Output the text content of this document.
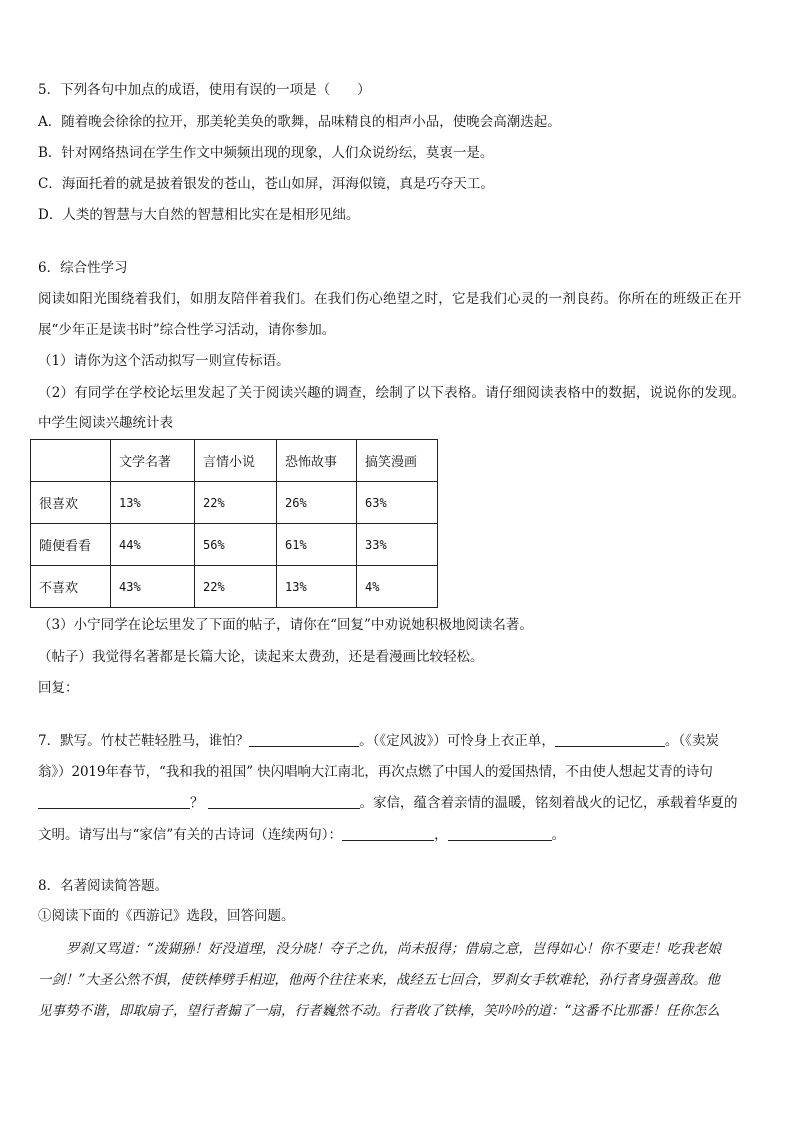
5．下列各句中加点的成语，使用有误的一项是（　　）
A．随着晚会徐徐的拉开，那美轮美奂的歌舞，品味精良的相声小品，使晚会高潮迭起。
B．针对网络热词在学生作文中频频出现的现象，人们众说纷纭，莫衷一是。
C．海面托着的就是披着银发的苍山，苍山如屏，洱海似镜，真是巧夺天工。
D．人类的智慧与大自然的智慧相比实在是相形见绌。
6．综合性学习
阅读如阳光围绕着我们，如朋友陪伴着我们。在我们伤心绝望之时，它是我们心灵的一剂良药。你所在的班级正在开
展“少年正是读书时”综合性学习活动，请你参加。
（1）请你为这个活动拟写一则宣传标语。
（2）有同学在学校论坛里发起了关于阅读兴趣的调查，绘制了以下表格。请仔细阅读表格中的数据，说说你的发现。
中学生阅读兴趣统计表
	文学名著	言情小说	恐怖故事	搞笑漫画
很喜欢	13%	22%	26%	63%
随便看看	44%	56%	61%	33%
不喜欢	43%	22%	13%	4%
（3）小宁同学在论坛里发了下面的帖子，请你在“回复”中劝说她积极地阅读名著。
（帖子）我觉得名著都是长篇大论，读起来太费劲，还是看漫画比较轻松。
回复：
7．默写。竹杖芒鞋轻胜马，谁怕？	。（《定风波》）可怜身上衣正单，	。（《卖炭
翁》）2019年春节，“我和我的祖国” 快闪唱响大江南北，再次点燃了中国人的爱国热情，不由使人想起艾青的诗句
？	。家信，蕴含着亲情的温暖，铭刻着战火的记忆，承载着华夏的
文明。请写出与“家信”有关的古诗词（连续两句）：	，	。
8．名著阅读简答题。
①阅读下面的《西游记》选段，回答问题。
罗刹又骂道：“泼猢狲！好没道理，没分晓！夺子之仇，尚未报得；借扇之意，岂得如心！你不要走！吃我老娘
一剑！”大圣公然不惧，使铁棒劈手相迎，他两个往往来来，战经五七回合，罗刹女手软难轮，孙行者身强善敌。他
见事势不谐，即取扇子，望行者搧了一扇，行者巍然不动。行者收了铁棒，笑吟吟的道：“这番不比那番！任你怎么
